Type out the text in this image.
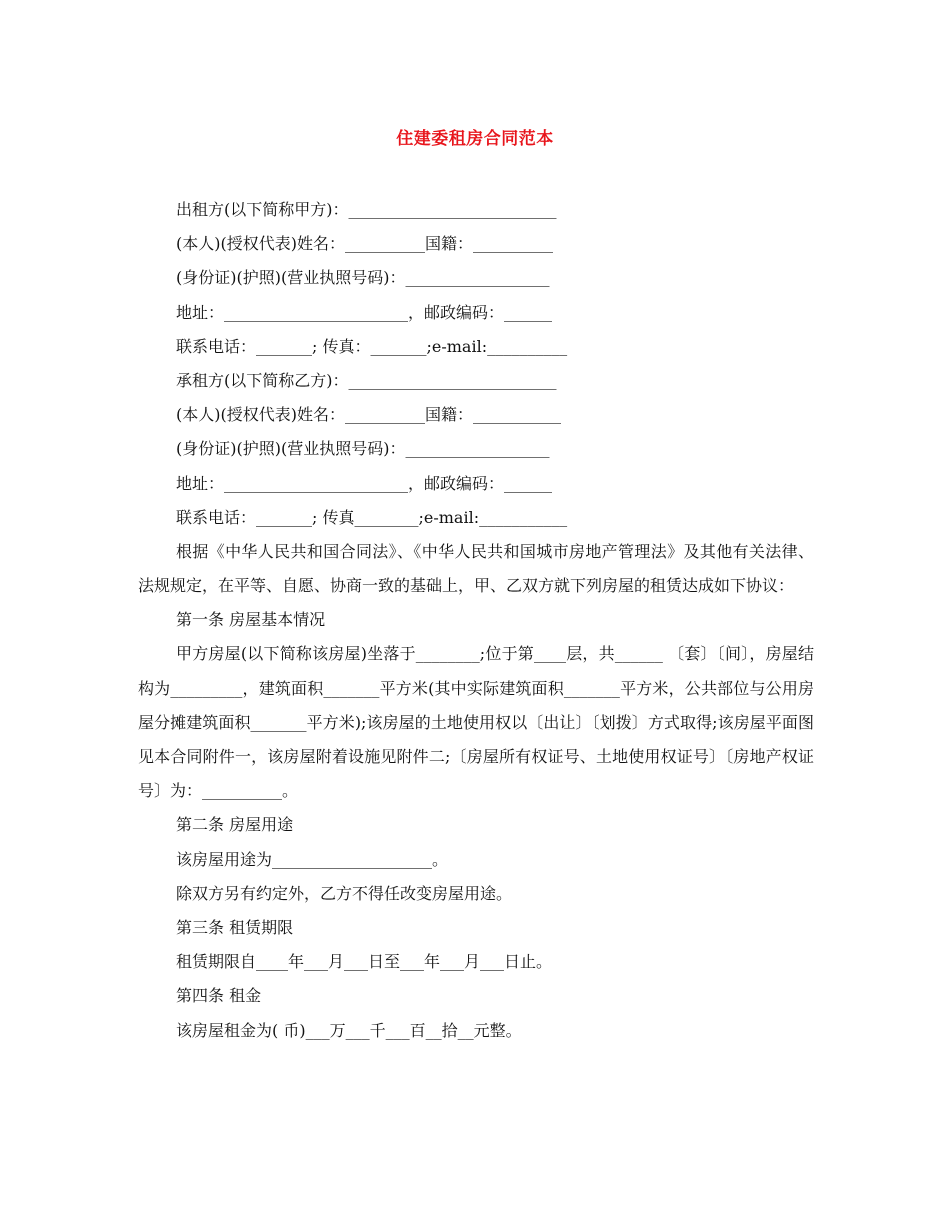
住建委租房合同范本
出租方(以下简称甲方)：__________________________
(本人)(授权代表)姓名：__________国籍：__________
(身份证)(护照)(营业执照号码)：__________________
地址：_______________________，邮政编码：______
联系电话：_______; 传真：_______;e-mail:__________
承租方(以下简称乙方)：__________________________
(本人)(授权代表)姓名：__________国籍：___________
(身份证)(护照)(营业执照号码)：__________________
地址：_______________________，邮政编码：______
联系电话：_______; 传真________;e-mail:___________
根据《中华人民共和国合同法》、《中华人民共和国城市房地产管理法》及其他有关法律、法规规定，在平等、自愿、协商一致的基础上，甲、乙双方就下列房屋的租赁达成如下协议：
第一条 房屋基本情况
甲方房屋(以下简称该房屋)坐落于________;位于第____层，共______ 〔套〕〔间〕，房屋结构为_________，建筑面积_______平方米(其中实际建筑面积_______平方米，公共部位与公用房屋分摊建筑面积_______平方米);该房屋的土地使用权以〔出让〕〔划拨〕方式取得;该房屋平面图见本合同附件一，该房屋附着设施见附件二;〔房屋所有权证号、土地使用权证号〕〔房地产权证号〕为：__________。
第二条 房屋用途
该房屋用途为____________________。
除双方另有约定外，乙方不得任改变房屋用途。
第三条 租赁期限
租赁期限自____年___月___日至___年___月___日止。
第四条 租金
该房屋租金为( 币)___万___千___百__拾__元整。
